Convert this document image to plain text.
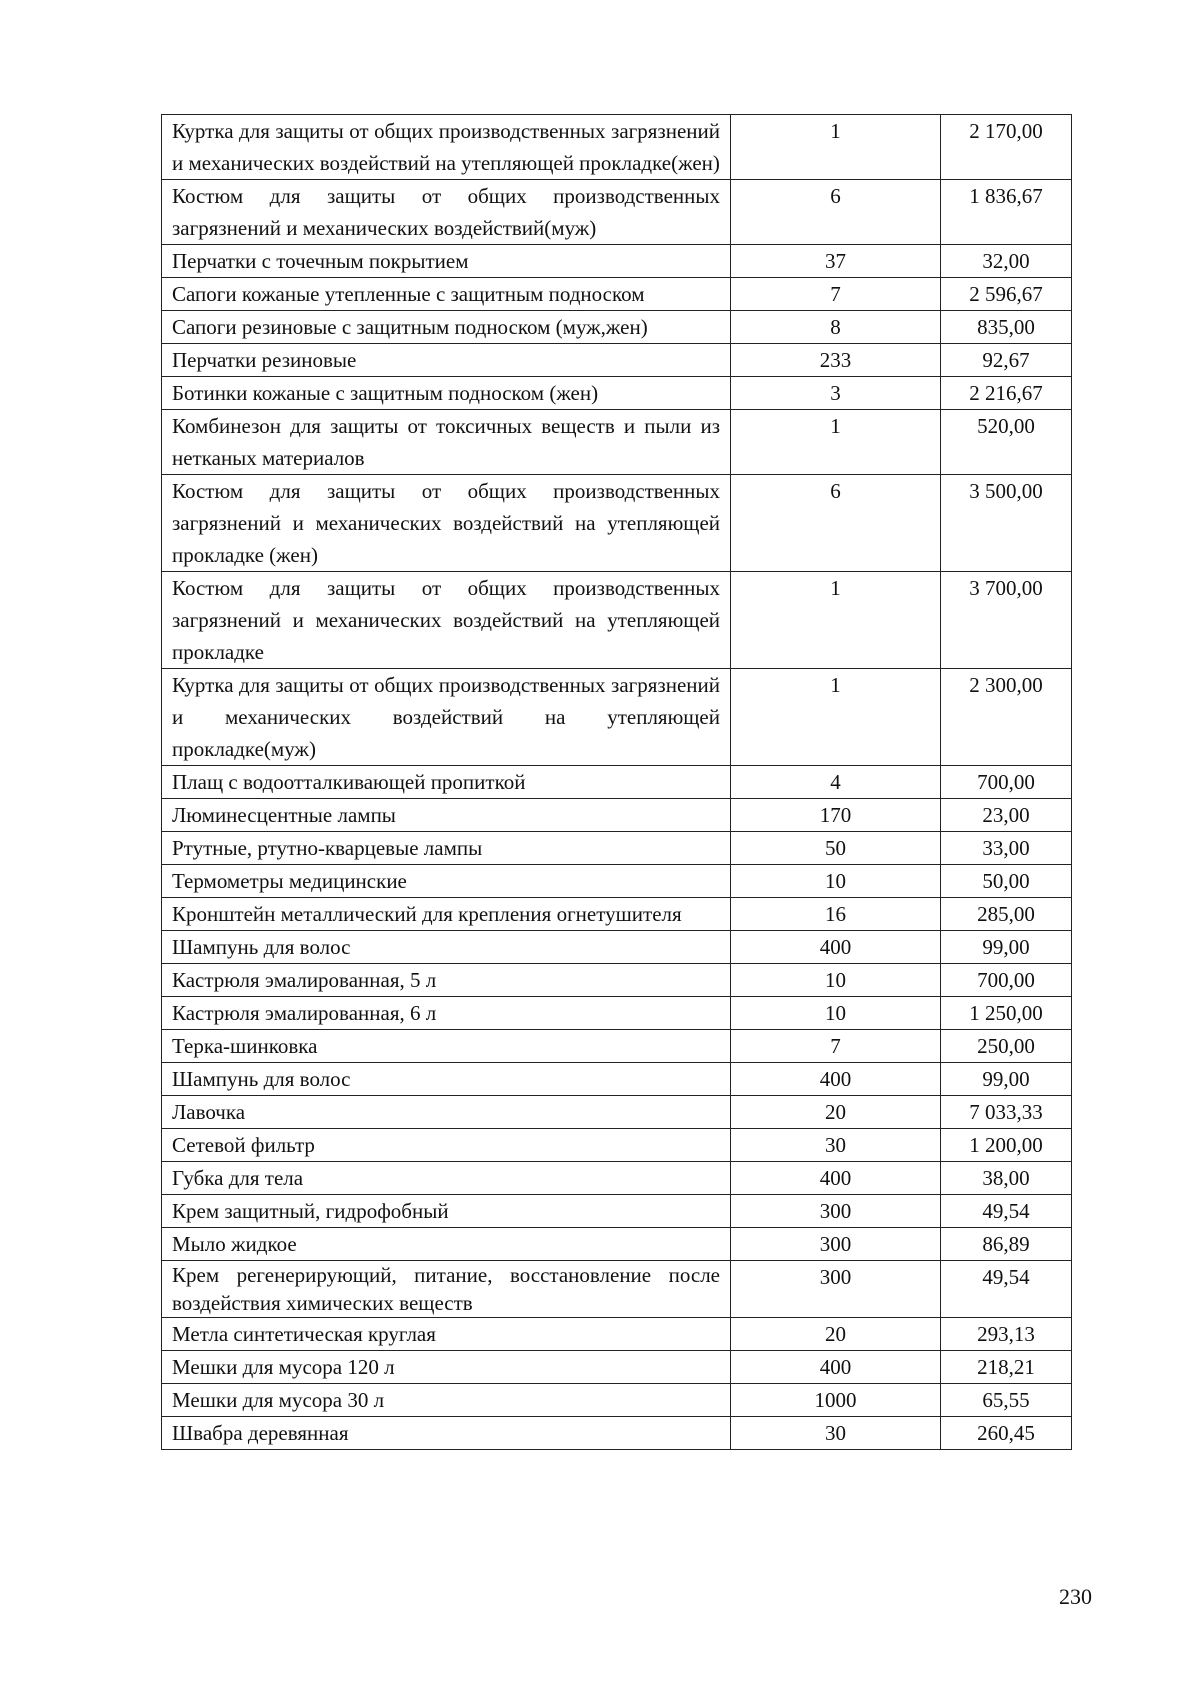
Куртка для защиты от общих производственных загрязнений и механических воздействий на утепляющей прокладке(жен)	1	2 170,00
Костюм для защиты от общих производственных загрязнений и механических воздействий(муж)	6	1 836,67
Перчатки с точечным покрытием	37	32,00
Сапоги кожаные утепленные с защитным подноском	7	2 596,67
Сапоги резиновые с защитным подноском (муж,жен)	8	835,00
Перчатки резиновые	233	92,67
Ботинки кожаные с защитным подноском (жен)	3	2 216,67
Комбинезон для защиты от токсичных веществ и пыли из нетканых материалов	1	520,00
Костюм для защиты от общих производственных загрязнений и механических воздействий на утепляющей прокладке (жен)	6	3 500,00
Костюм для защиты от общих производственных загрязнений и механических воздействий на утепляющей прокладке	1	3 700,00
Куртка для защиты от общих производственных загрязнений и механических воздействий на утепляющей прокладке(муж)	1	2 300,00
Плащ с водоотталкивающей пропиткой	4	700,00
Люминесцентные лампы	170	23,00
Ртутные, ртутно-кварцевые лампы	50	33,00
Термометры медицинские	10	50,00
Кронштейн металлический для крепления огнетушителя	16	285,00
Шампунь для волос	400	99,00
Кастрюля эмалированная, 5 л	10	700,00
Кастрюля эмалированная, 6 л	10	1 250,00
Терка-шинковка	7	250,00
Шампунь для волос	400	99,00
Лавочка	20	7 033,33
Сетевой фильтр	30	1 200,00
Губка для тела	400	38,00
Крем защитный, гидрофобный	300	49,54
Мыло жидкое	300	86,89
Крем регенерирующий, питание, восстановление после воздействия химических веществ	300	49,54
Метла синтетическая круглая	20	293,13
Мешки для мусора 120 л	400	218,21
Мешки для мусора 30 л	1000	65,55
Швабра деревянная	30	260,45
230
